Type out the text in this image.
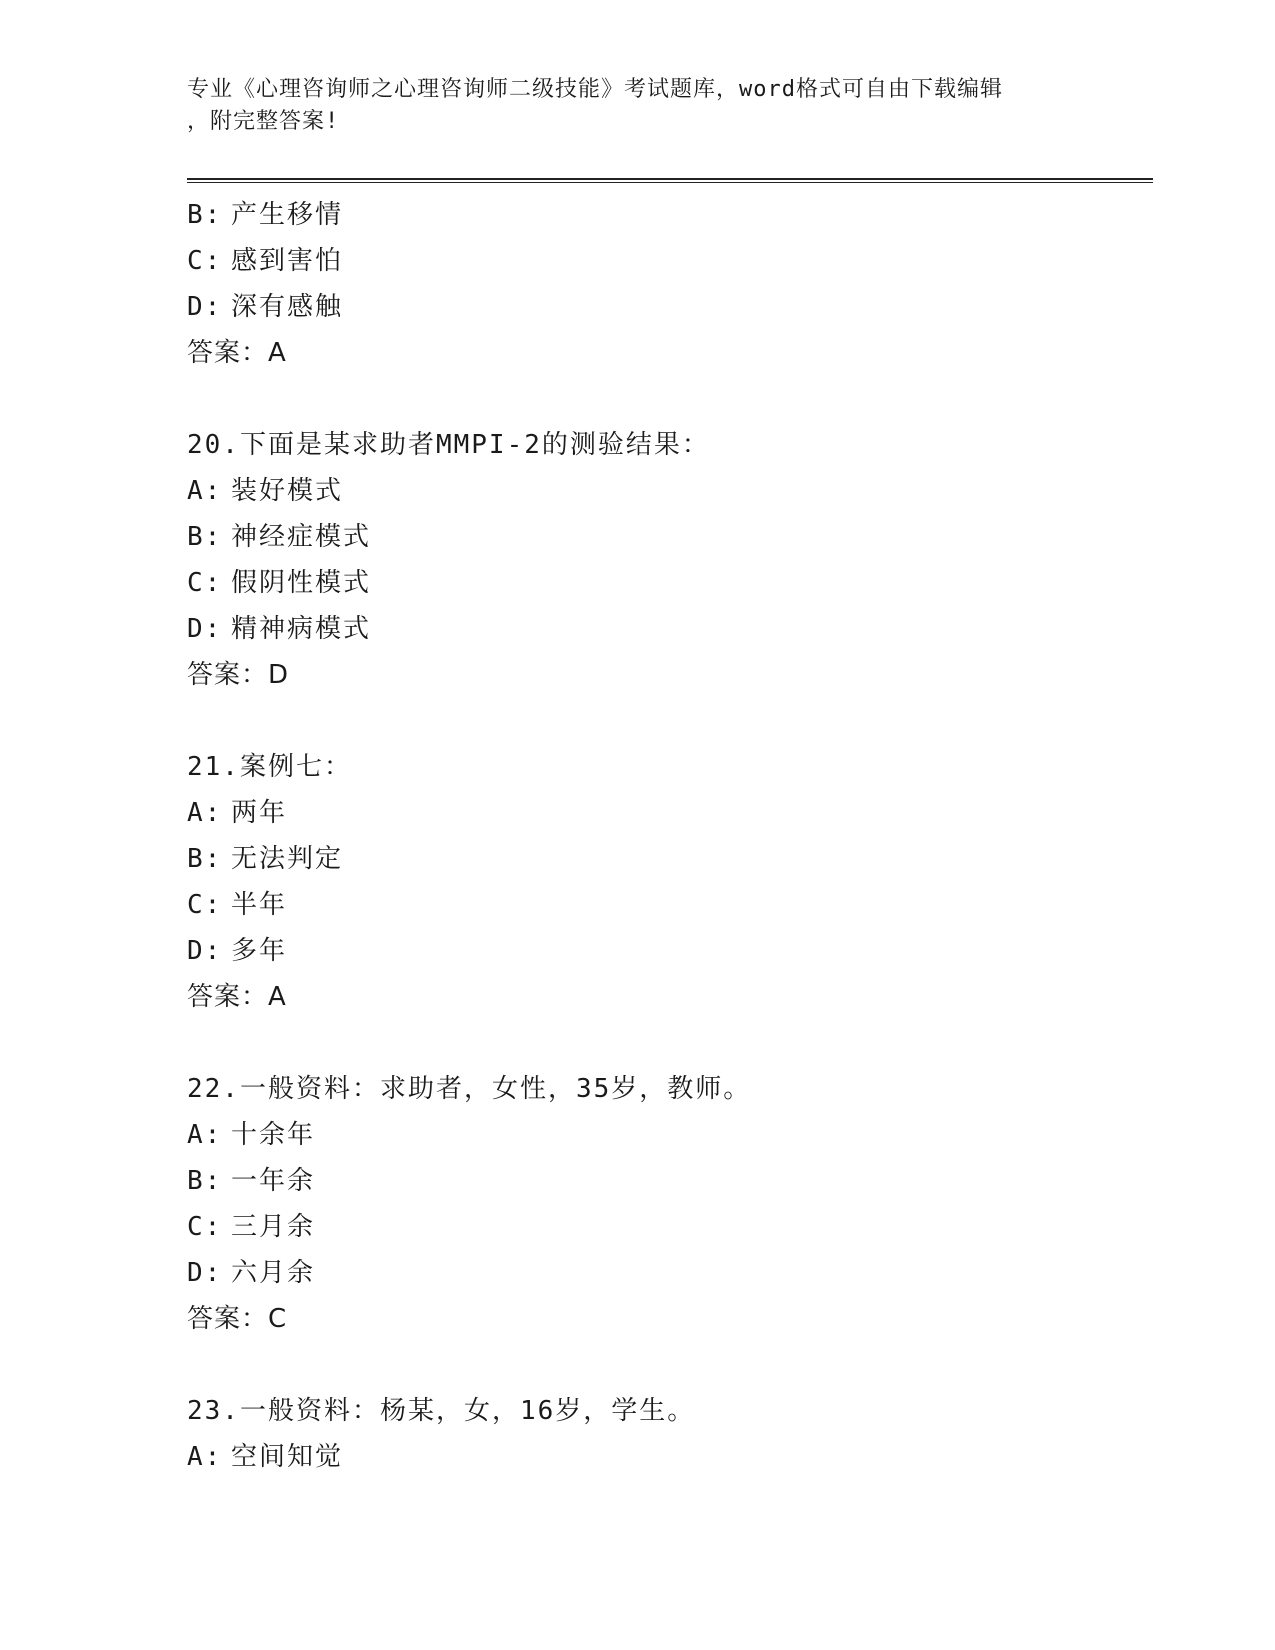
专业《心理咨询师之心理咨询师二级技能》考试题库，word格式可自由下载编辑
，附完整答案!
B: 产生移情
C: 感到害怕
D: 深有感触
答案：A
20.下面是某求助者MMPI-2的测验结果：
A: 装好模式
B: 神经症模式
C: 假阴性模式
D: 精神病模式
答案：D
21.案例七：
A: 两年
B: 无法判定
C: 半年
D: 多年
答案：A
22.一般资料：求助者，女性，35岁，教师。
A: 十余年
B: 一年余
C: 三月余
D: 六月余
答案：C
23.一般资料：杨某，女，16岁，学生。
A: 空间知觉
